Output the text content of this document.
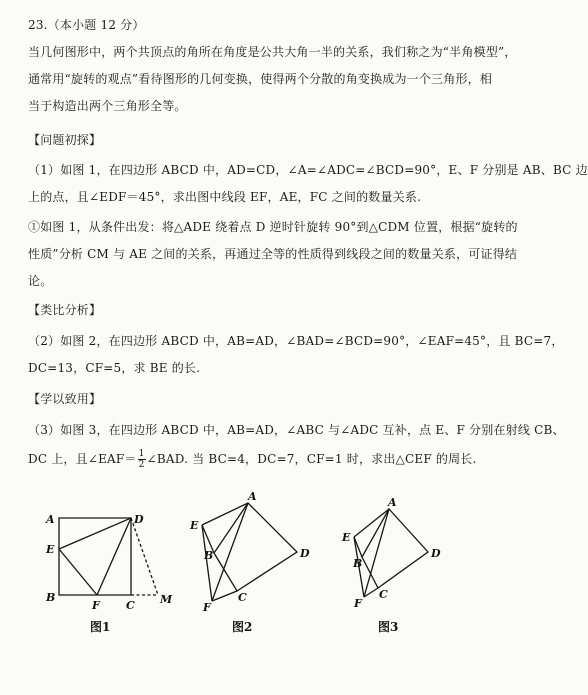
23.（本小题 12 分）
当几何图形中，两个共顶点的角所在角度是公共大角一半的关系，我们称之为“半角模型”，
通常用“旋转的观点”看待图形的几何变换，使得两个分散的角变换成为一个三角形，相
当于构造出两个三角形全等。
【问题初探】
（1）如图 1，在四边形 ABCD 中，AD=CD，∠A=∠ADC=∠BCD=90°，E、F 分别是 AB、BC 边
上的点，且∠EDF＝45°，求出图中线段 EF，AE，FC 之间的数量关系.
①如图 1，从条件出发：将△ADE 绕着点 D 逆时针旋转 90°到△CDM 位置，根据“旋转的
性质”分析 CM 与 AE 之间的关系，再通过全等的性质得到线段之间的数量关系，可证得结
论。
【类比分析】
（2）如图 2，在四边形 ABCD 中，AB=AD，∠BAD=∠BCD=90°，∠EAF=45°，且 BC=7，
DC=13，CF=5，求 BE 的长.
【学以致用】
（3）如图 3，在四边形 ABCD 中，AB=AD，∠ABC 与∠ADC 互补，点 E、F 分别在射线 CB、
DC 上，且∠EAF＝ $\frac{1}{2}$ ∠BAD. 当 BC=4，DC=7，CF=1 时，求出△CEF 的周长.
A	D
E
B
F C M
图1
A
E
B	D
C
F
图2
A
E
B
D
C
F
图3
